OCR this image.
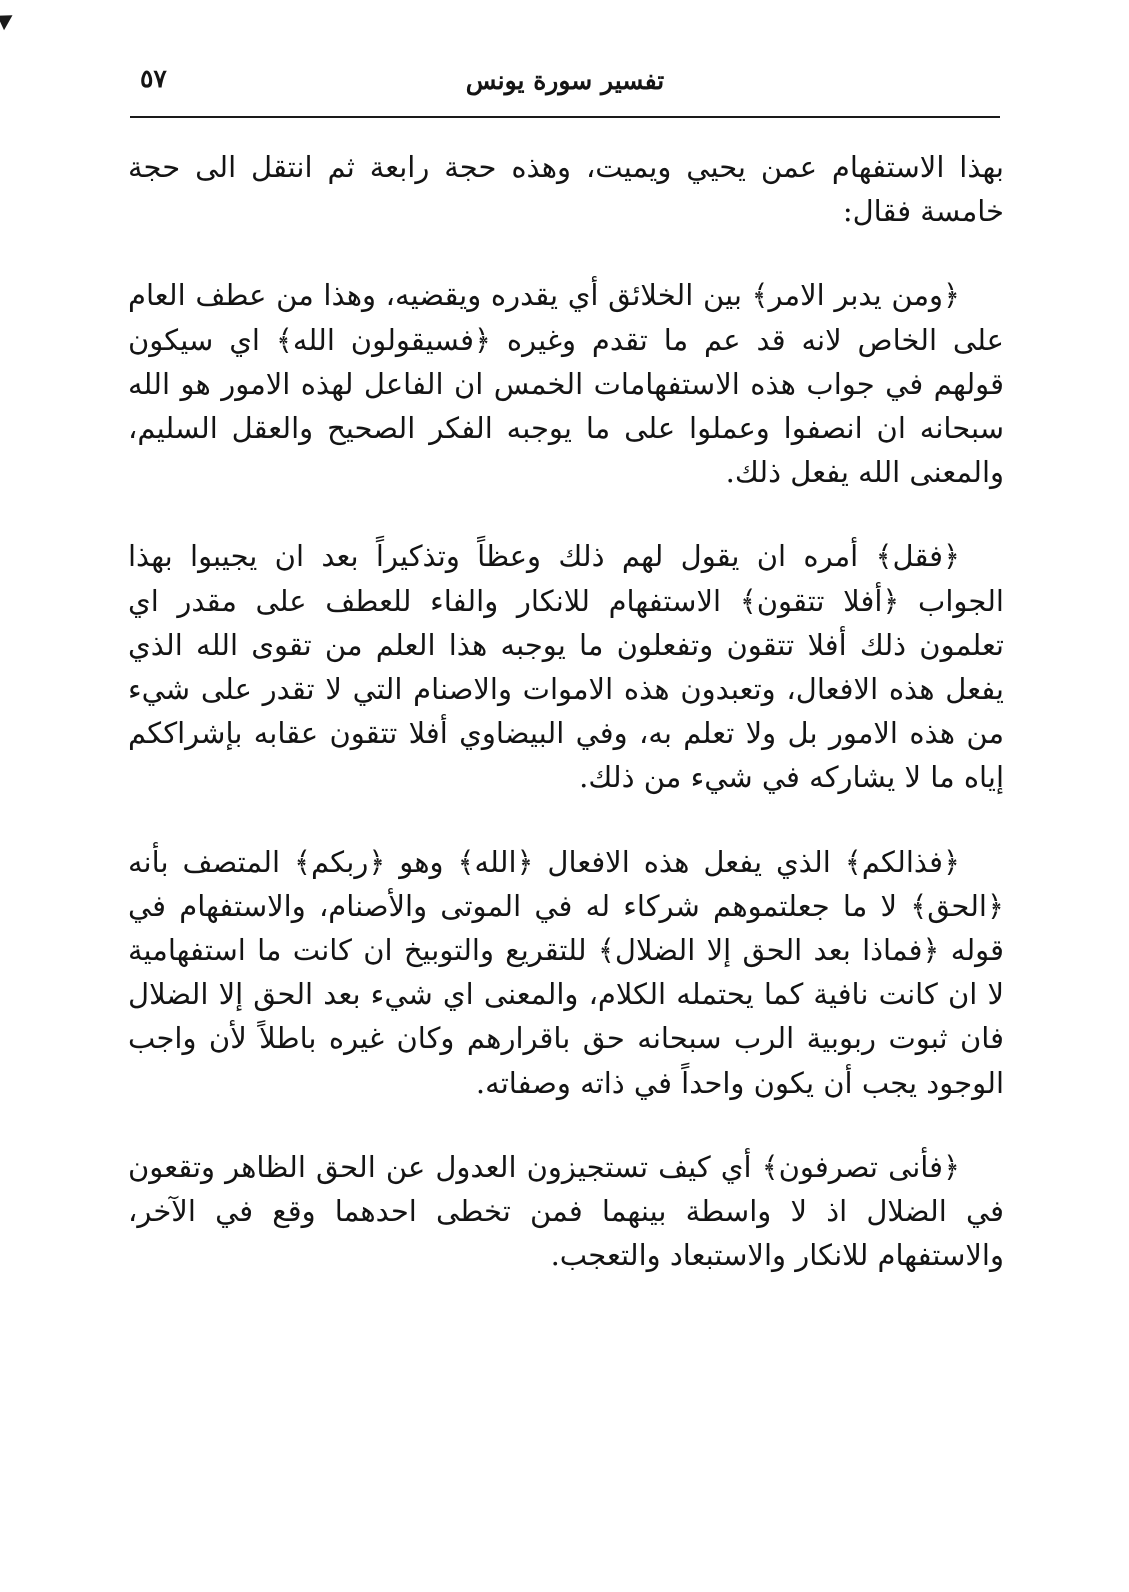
تفسير سورة يونس
٥٧

بهذا الاستفهام عمن يحيي ويميت، وهذه حجة رابعة ثم انتقل الى حجة خامسة فقال:

﴿ومن يدبر الامر﴾ بين الخلائق أي يقدره ويقضيه، وهذا من عطف العام على الخاص لانه قد عم ما تقدم وغيره ﴿فسيقولون الله﴾ اي سيكون قولهم في جواب هذه الاستفهامات الخمس ان الفاعل لهذه الامور هو الله سبحانه ان انصفوا وعملوا على ما يوجبه الفكر الصحيح والعقل السليم، والمعنى الله يفعل ذلك.

﴿فقل﴾ أمره ان يقول لهم ذلك وعظاً وتذكيراً بعد ان يجيبوا بهذا الجواب ﴿أفلا تتقون﴾ الاستفهام للانكار والفاء للعطف على مقدر اي تعلمون ذلك أفلا تتقون وتفعلون ما يوجبه هذا العلم من تقوى الله الذي يفعل هذه الافعال، وتعبدون هذه الاموات والاصنام التي لا تقدر على شيء من هذه الامور بل ولا تعلم به، وفي البيضاوي أفلا تتقون عقابه بإشراككم إياه ما لا يشاركه في شيء من ذلك.

﴿فذالكم﴾ الذي يفعل هذه الافعال ﴿الله﴾ وهو ﴿ربكم﴾ المتصف بأنه ﴿الحق﴾ لا ما جعلتموهم شركاء له في الموتى والأصنام، والاستفهام في قوله ﴿فماذا بعد الحق إلا الضلال﴾ للتقريع والتوبيخ ان كانت ما استفهامية لا ان كانت نافية كما يحتمله الكلام، والمعنى اي شيء بعد الحق إلا الضلال فان ثبوت ربوبية الرب سبحانه حق باقرارهم وكان غيره باطلاً لأن واجب الوجود يجب أن يكون واحداً في ذاته وصفاته.

﴿فأنى تصرفون﴾ أي كيف تستجيزون العدول عن الحق الظاهر وتقعون في الضلال اذ لا واسطة بينهما فمن تخطى احدهما وقع في الآخر، والاستفهام للانكار والاستبعاد والتعجب.
